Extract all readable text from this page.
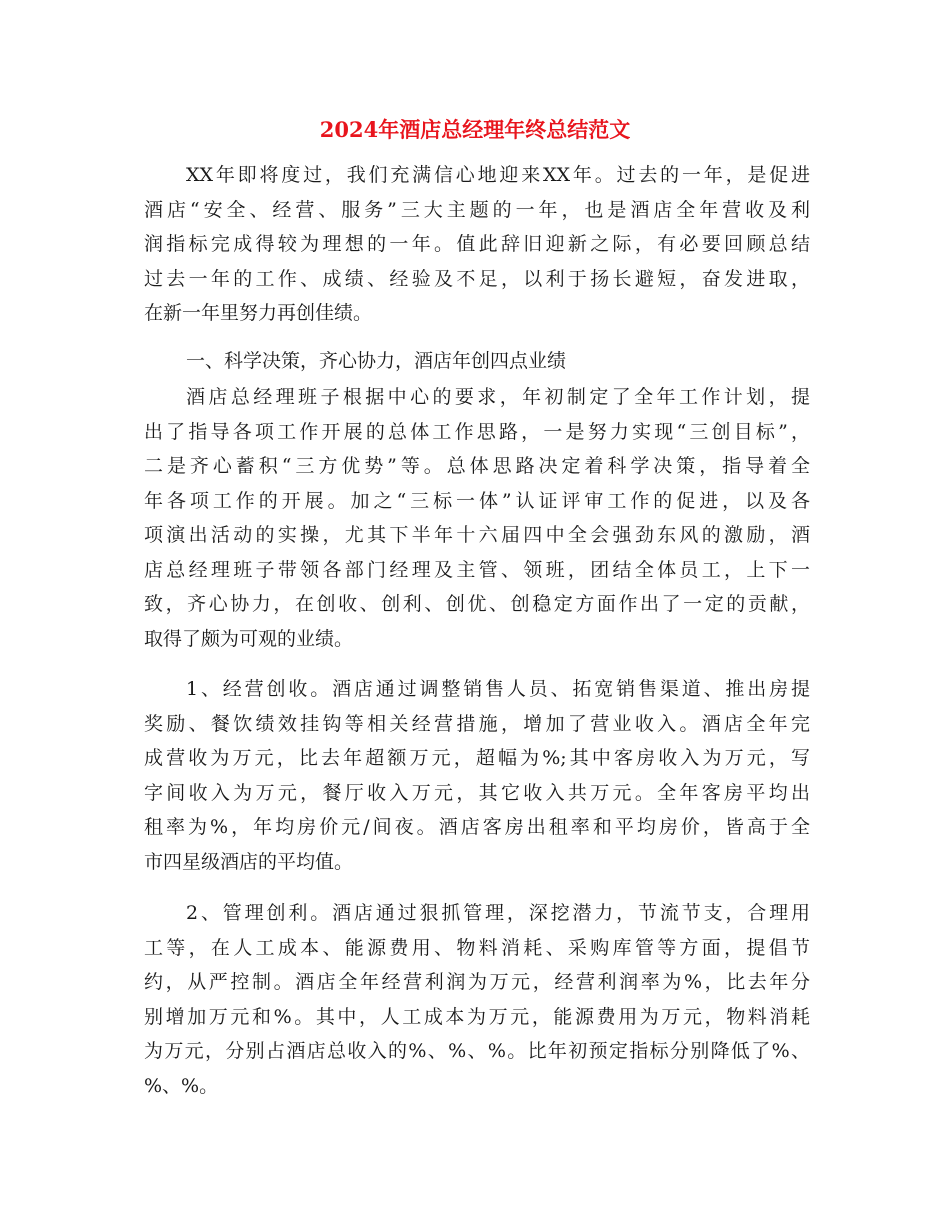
2024年酒店总经理年终总结范文
XX年即将度过，我们充满信心地迎来XX年。过去的一年，是促进
酒店“安全、经营、服务”三大主题的一年，也是酒店全年营收及利
润指标完成得较为理想的一年。值此辞旧迎新之际，有必要回顾总结
过去一年的工作、成绩、经验及不足，以利于扬长避短，奋发进取，
在新一年里努力再创佳绩。
一、科学决策，齐心协力，酒店年创四点业绩
酒店总经理班子根据中心的要求，年初制定了全年工作计划，提
出了指导各项工作开展的总体工作思路，一是努力实现“三创目标”，
二是齐心蓄积“三方优势”等。总体思路决定着科学决策，指导着全
年各项工作的开展。加之“三标一体”认证评审工作的促进，以及各
项演出活动的实操，尤其下半年十六届四中全会强劲东风的激励，酒
店总经理班子带领各部门经理及主管、领班，团结全体员工，上下一
致，齐心协力，在创收、创利、创优、创稳定方面作出了一定的贡献，
取得了颇为可观的业绩。
1、经营创收。酒店通过调整销售人员、拓宽销售渠道、推出房提
奖励、餐饮绩效挂钩等相关经营措施，增加了营业收入。酒店全年完
成营收为万元，比去年超额万元，超幅为%;其中客房收入为万元，写
字间收入为万元，餐厅收入万元，其它收入共万元。全年客房平均出
租率为%，年均房价元/间夜。酒店客房出租率和平均房价，皆高于全
市四星级酒店的平均值。
2、管理创利。酒店通过狠抓管理，深挖潜力，节流节支，合理用
工等，在人工成本、能源费用、物料消耗、采购库管等方面，提倡节
约，从严控制。酒店全年经营利润为万元，经营利润率为%，比去年分
别增加万元和%。其中，人工成本为万元，能源费用为万元，物料消耗
为万元，分别占酒店总收入的%、%、%。比年初预定指标分别降低了%、
%、%。
